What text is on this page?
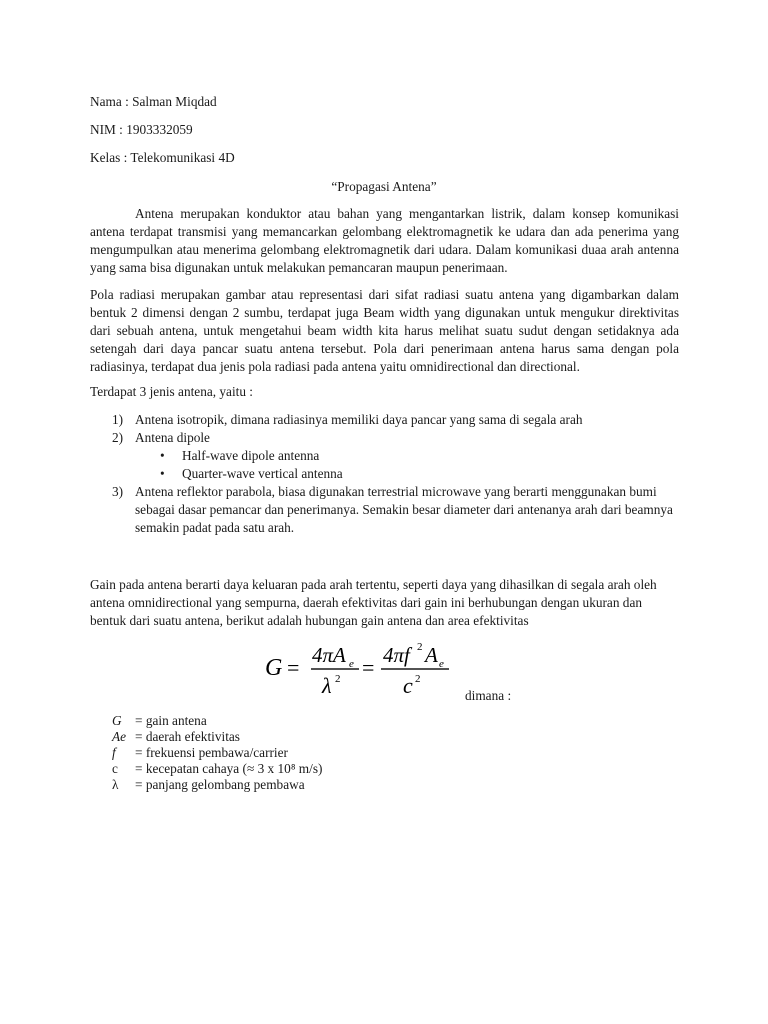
Nama : Salman Miqdad
NIM : 1903332059
Kelas : Telekomunikasi 4D
“Propagasi Antena”
Antena merupakan konduktor atau bahan yang mengantarkan listrik, dalam konsep komunikasi antena terdapat transmisi yang memancarkan gelombang elektromagnetik ke udara dan ada penerima yang mengumpulkan atau menerima gelombang elektromagnetik dari udara. Dalam komunikasi duaa arah antenna yang sama bisa digunakan untuk melakukan pemancaran maupun penerimaan.
Pola radiasi merupakan gambar atau representasi dari sifat radiasi suatu antena yang digambarkan dalam bentuk 2 dimensi dengan 2 sumbu, terdapat juga Beam width yang digunakan untuk mengukur direktivitas dari sebuah antena, untuk mengetahui beam width kita harus melihat suatu sudut dengan setidaknya ada setengah dari daya pancar suatu antena tersebut. Pola dari penerimaan antena harus sama dengan pola radiasinya, terdapat dua jenis pola radiasi pada antena yaitu omnidirectional dan directional.
Terdapat 3 jenis antena, yaitu :
1) Antena isotropik, dimana radiasinya memiliki daya pancar yang sama di segala arah
2) Antena dipole
• Half-wave dipole antenna
• Quarter-wave vertical antenna
3) Antena reflektor parabola, biasa digunakan terrestrial microwave yang berarti menggunakan bumi sebagai dasar pemancar dan penerimanya. Semakin besar diameter dari antenanya arah dari beamnya semakin padat pada satu arah.
Gain pada antena berarti daya keluaran pada arah tertentu, seperti daya yang dihasilkan di segala arah oleh antena omnidirectional yang sempurna, daerah efektivitas dari gain ini berhubungan dengan ukuran dan bentuk dari suatu antena, berikut adalah hubungan gain antena dan area efektivitas
G = 4πA e
λ 2 = 4πf 2 A e
c 2
dimana :
G = gain antena
Ae = daerah efektivitas
f = frekuensi pembawa/carrier
c = kecepatan cahaya (≈ 3 x 10⁸ m/s)
λ = panjang gelombang pembawa
